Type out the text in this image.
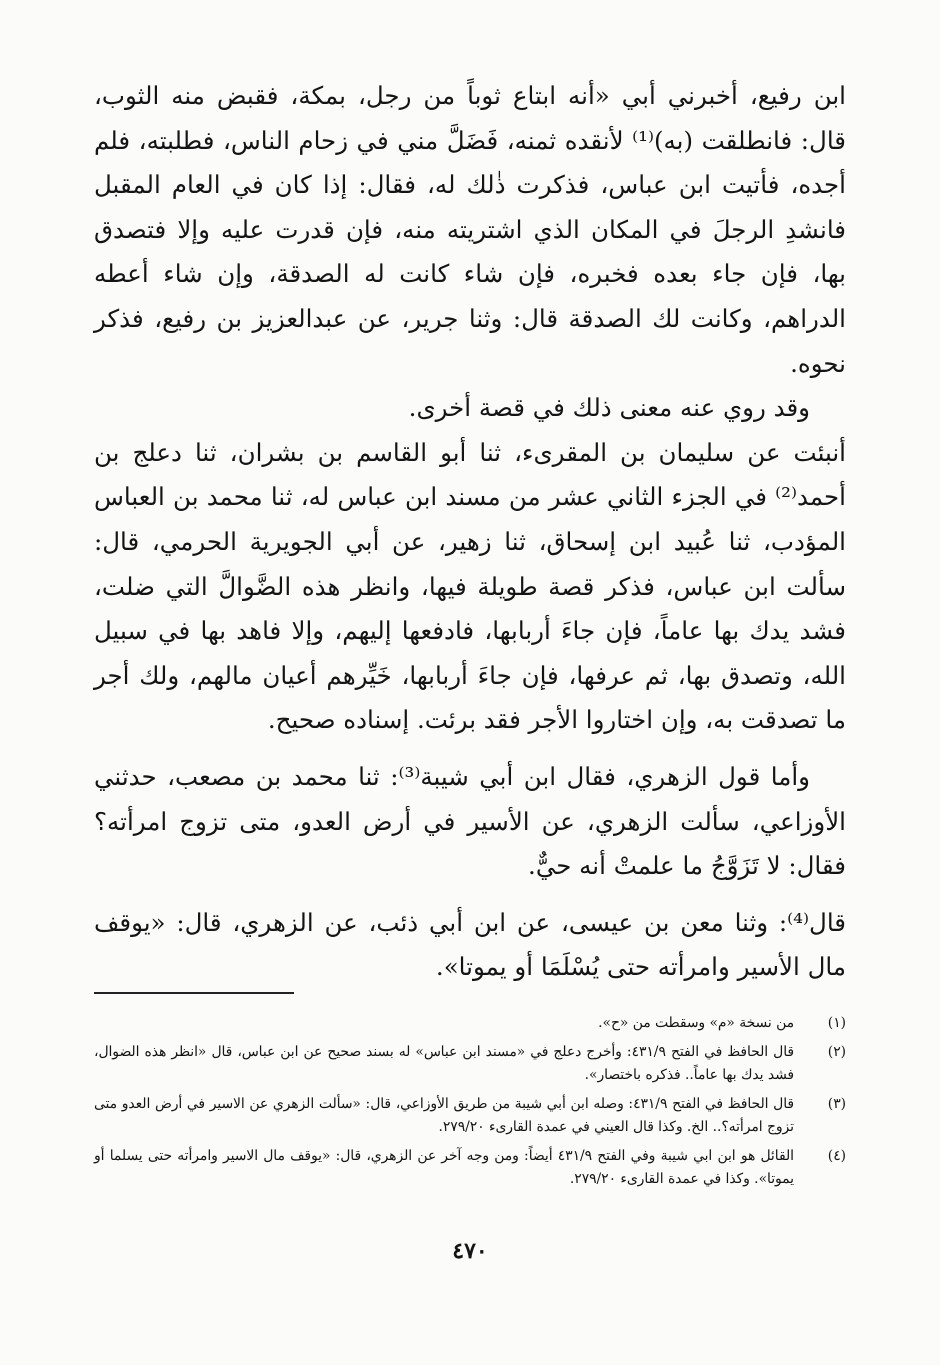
ابن رفيع، أخبرني أبي «أنه ابتاع ثوباً من رجل، بمكة، فقبض منه الثوب، قال: فانطلقت (به)⁽¹⁾ لأنقده ثمنه، فَضَلَّ مني في زحام الناس، فطلبته، فلم أجده، فأتيت ابن عباس، فذكرت ذٰلك له، فقال: إذا كان في العام المقبل فانشدِ الرجلَ في المكان الذي اشتريته منه، فإن قدرت عليه وإلا فتصدق بها، فإن جاء بعده فخبره، فإن شاء كانت له الصدقة، وإن شاء أعطه الدراهم، وكانت لك الصدقة قال: وثنا جرير، عن عبدالعزيز بن رفيع، فذكر نحوه.

وقد روي عنه معنى ذلك في قصة أخرى.

أنبئت عن سليمان بن المقرىء، ثنا أبو القاسم بن بشران، ثنا دعلج بن أحمد⁽²⁾ في الجزء الثاني عشر من مسند ابن عباس له، ثنا محمد بن العباس المؤدب، ثنا عُبيد ابن إسحاق، ثنا زهير، عن أبي الجويرية الحرمي، قال: سألت ابن عباس، فذكر قصة طويلة فيها، وانظر هذه الضَّوالَّ التي ضلت، فشد يدك بها عاماً، فإن جاءَ أربابها، فادفعها إليهم، وإلا فاهد بها في سبيل الله، وتصدق بها، ثم عرفها، فإن جاءَ أربابها، خَيِّرهم أعيان مالهم، ولك أجر ما تصدقت به، وإن اختاروا الأجر فقد برئت. إسناده صحيح.

وأما قول الزهري، فقال ابن أبي شيبة⁽³⁾: ثنا محمد بن مصعب، حدثني الأوزاعي، سألت الزهري، عن الأسير في أرض العدو، متى تزوج امرأته؟ فقال: لا تَزَوَّجُ ما علمتْ أنه حيٌّ.

قال⁽⁴⁾: وثنا معن بن عيسى، عن ابن أبي ذئب، عن الزهري، قال: «يوقف مال الأسير وامرأته حتى يُسْلَمَا أو يموتا».

(١)
من نسخة «م» وسقطت من «ح».
(٢)
قال الحافظ في الفتح ٤٣١/٩: وأخرج دعلج في «مسند ابن عباس» له بسند صحيح عن ابن عباس، قال «انظر هذه الضوال، فشد يدك بها عاماً.. فذكره باختصار».
(٣)
قال الحافظ في الفتح ٤٣١/٩: وصله ابن أبي شيبة من طريق الأوزاعي، قال: «سألت الزهري عن الاسير في أرض العدو متى تزوج امرأته؟.. الخ. وكذا قال العيني في عمدة القارىء ٢٧٩/٢٠.
(٤)
القائل هو ابن ابي شيبة وفي الفتح ٤٣١/٩ أيضاً: ومن وجه آخر عن الزهري، قال: «يوقف مال الاسير وامرأته حتى يسلما أو يموتا». وكذا في عمدة القارىء ٢٧٩/٢٠.
٤٧٠
